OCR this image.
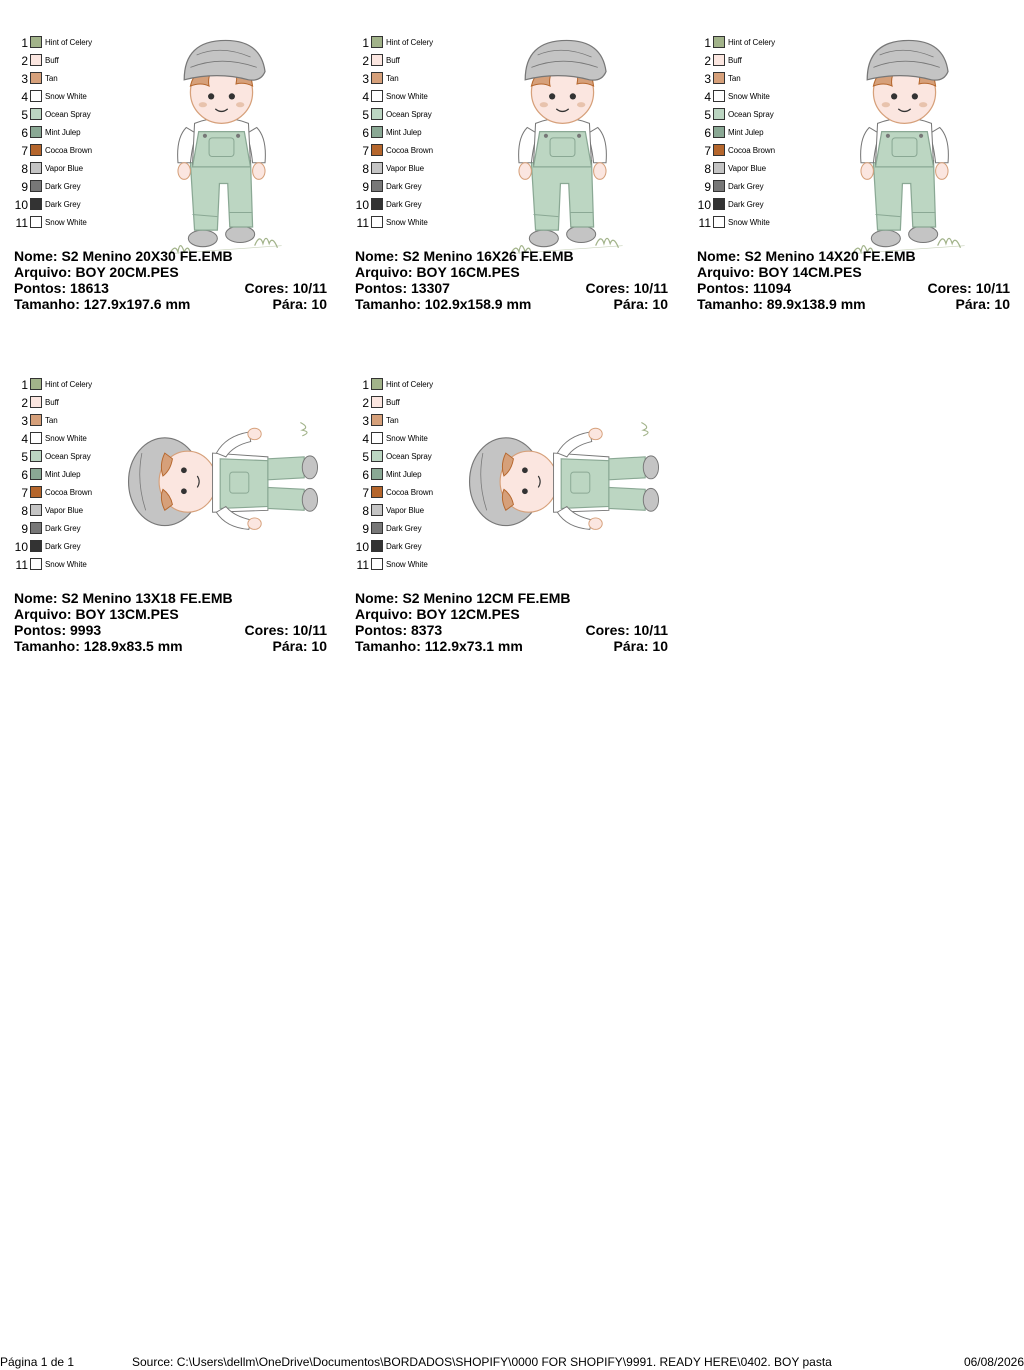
1 Hint of Celery
2 Buff
3 Tan
4 Snow White
5 Ocean Spray
6 Mint Julep
7 Cocoa Brown
8 Vapor Blue
9 Dark Grey
10 Dark Grey
11 Snow White
Nome: S2 Menino 20X30 FE.EMB
Arquivo: BOY 20CM.PES
Pontos: 18613	Cores: 10/11
Tamanho: 127.9x197.6 mm	Pára: 10
1 Hint of Celery
2 Buff
3 Tan
4 Snow White
5 Ocean Spray
6 Mint Julep
7 Cocoa Brown
8 Vapor Blue
9 Dark Grey
10 Dark Grey
11 Snow White
Nome: S2 Menino 16X26 FE.EMB
Arquivo: BOY 16CM.PES
Pontos: 13307	Cores: 10/11
Tamanho: 102.9x158.9 mm	Pára: 10
1 Hint of Celery
2 Buff
3 Tan
4 Snow White
5 Ocean Spray
6 Mint Julep
7 Cocoa Brown
8 Vapor Blue
9 Dark Grey
10 Dark Grey
11 Snow White
Nome: S2 Menino 14X20 FE.EMB
Arquivo: BOY 14CM.PES
Pontos: 11094	Cores: 10/11
Tamanho: 89.9x138.9 mm	Pára: 10
1 Hint of Celery
2 Buff
3 Tan
4 Snow White
5 Ocean Spray
6 Mint Julep
7 Cocoa Brown
8 Vapor Blue
9 Dark Grey
10 Dark Grey
11 Snow White
Nome: S2 Menino 13X18 FE.EMB
Arquivo: BOY 13CM.PES
Pontos: 9993	Cores: 10/11
Tamanho: 128.9x83.5 mm	Pára: 10
1 Hint of Celery
2 Buff
3 Tan
4 Snow White
5 Ocean Spray
6 Mint Julep
7 Cocoa Brown
8 Vapor Blue
9 Dark Grey
10 Dark Grey
11 Snow White
Nome: S2 Menino 12CM FE.EMB
Arquivo: BOY 12CM.PES
Pontos: 8373	Cores: 10/11
Tamanho: 112.9x73.1 mm	Pára: 10
Página 1 de 1	Source: C:\Users\dellm\OneDrive\Documentos\BORDADOS\SHOPIFY\0000 FOR SHOPIFY\9991. READY HERE\0402. BOY pasta	06/08/2026
